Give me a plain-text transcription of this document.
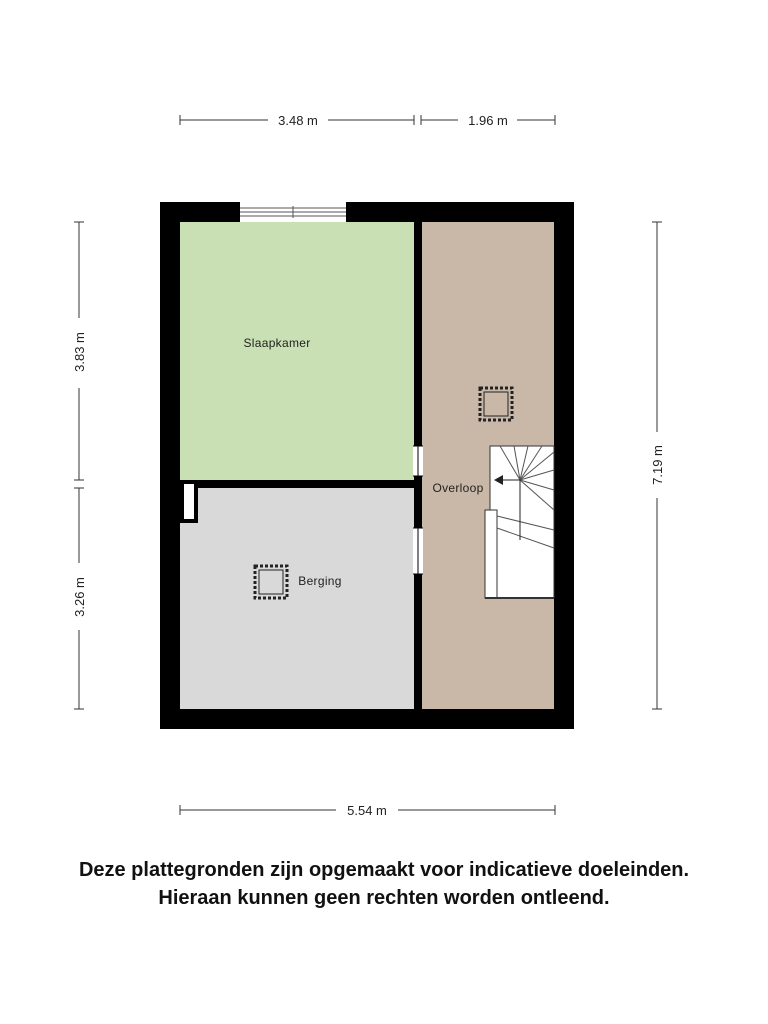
3.48 m	1.96 m
3.83 m
3.26 m
7.19 m
5.54 m
Slaapkamer
Berging
Overloop
Deze plattegronden zijn opgemaakt voor indicatieve doeleinden.
Hieraan kunnen geen rechten worden ontleend.
